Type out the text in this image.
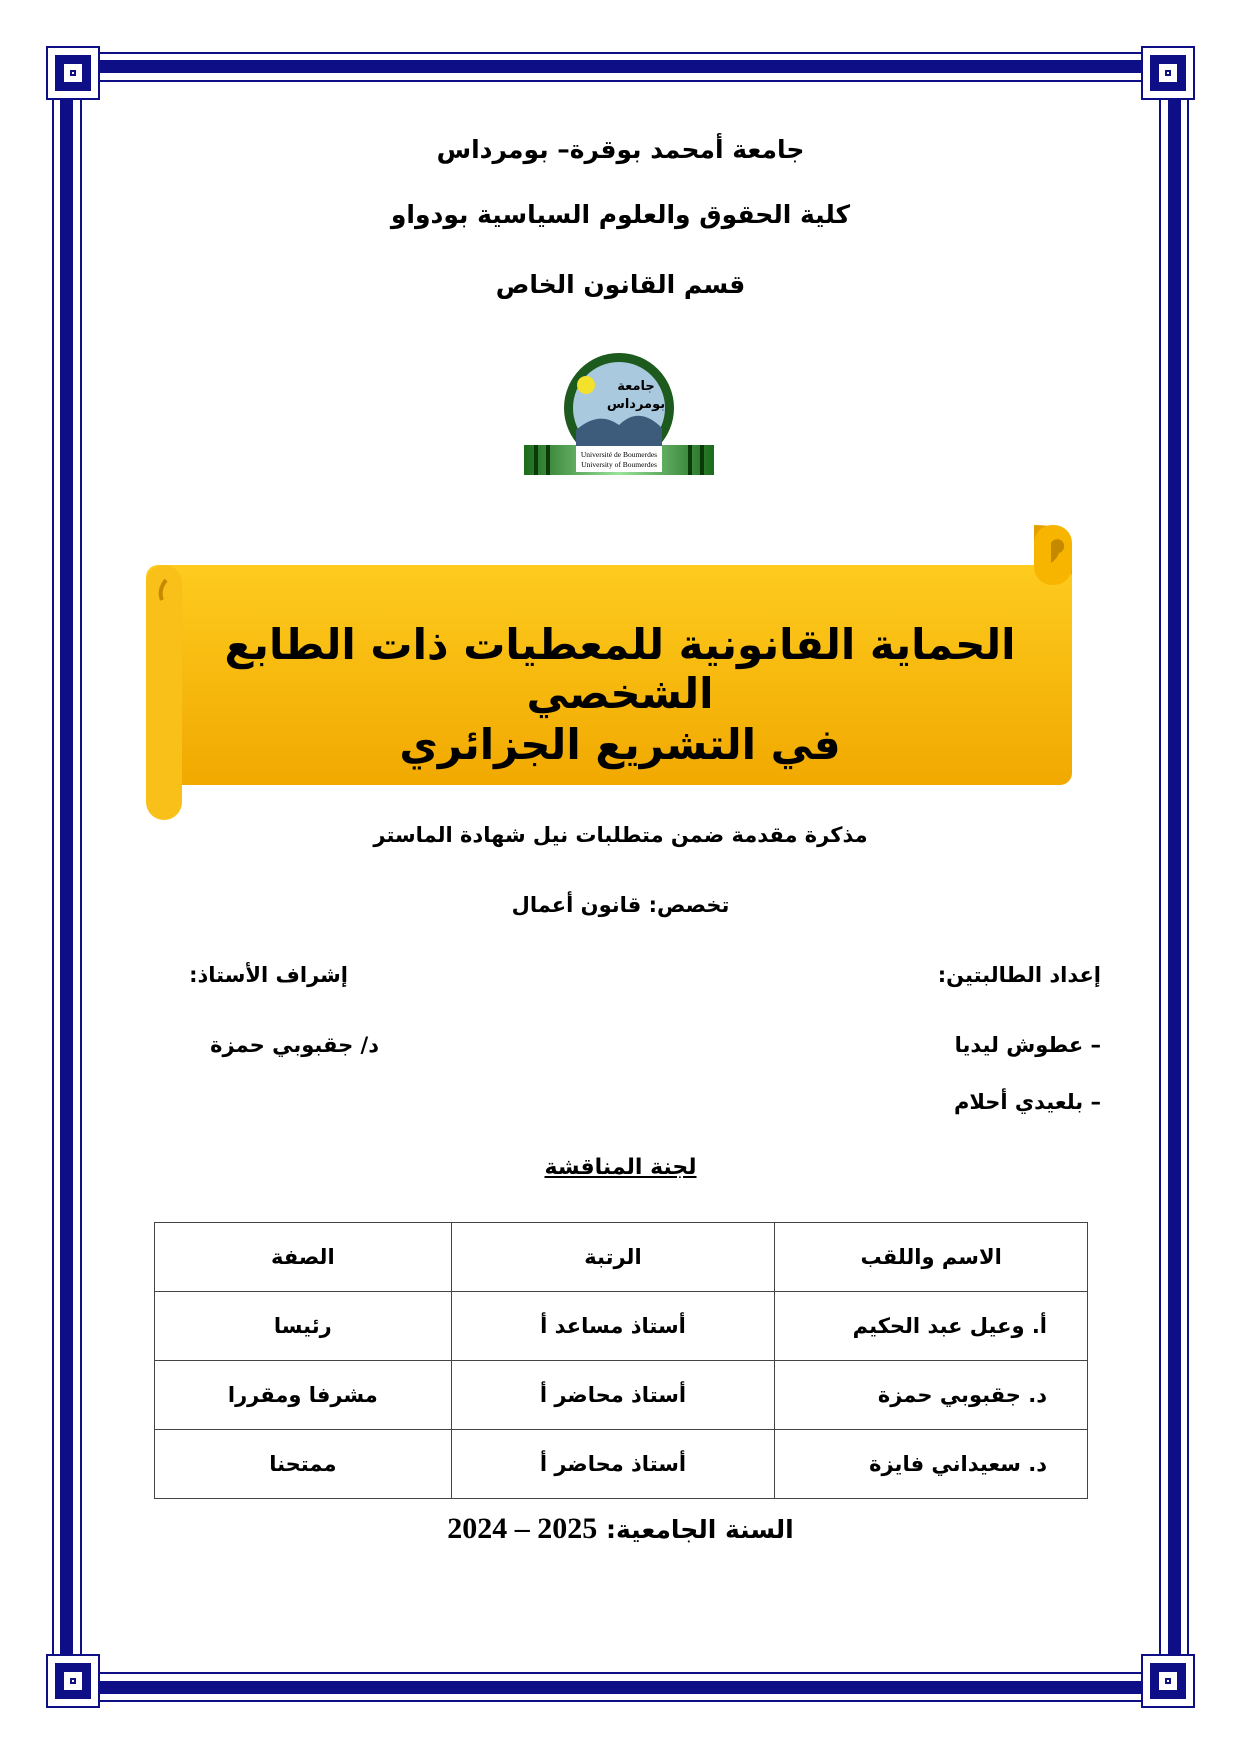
جامعة أمحمد بوقرة– بومرداس
كلية الحقوق والعلوم السياسية بودواو
قسم القانون الخاص
جامعة
بومرداس
Université de Boumerdes
University of Boumerdes
الحماية القانونية للمعطيات ذات الطابع الشخصي
في التشريع الجزائري
مذكرة مقدمة ضمن متطلبات نيل شهادة الماستر
تخصص: قانون أعمال
إعداد الطالبتين:
– عطوش ليديا
– بلعيدي أحلام
إشراف الأستاذ:
د/ جقبوبي حمزة
لجنة المناقشة
الاسم واللقب	الرتبة	الصفة
أ. وعيل عبد الحكيم	أستاذ مساعد أ	رئيسا
د. جقبوبي حمزة	أستاذ محاضر أ	مشرفا ومقررا
د. سعيداني فايزة	أستاذ محاضر أ	ممتحنا
السنة الجامعية: 2024 – 2025
